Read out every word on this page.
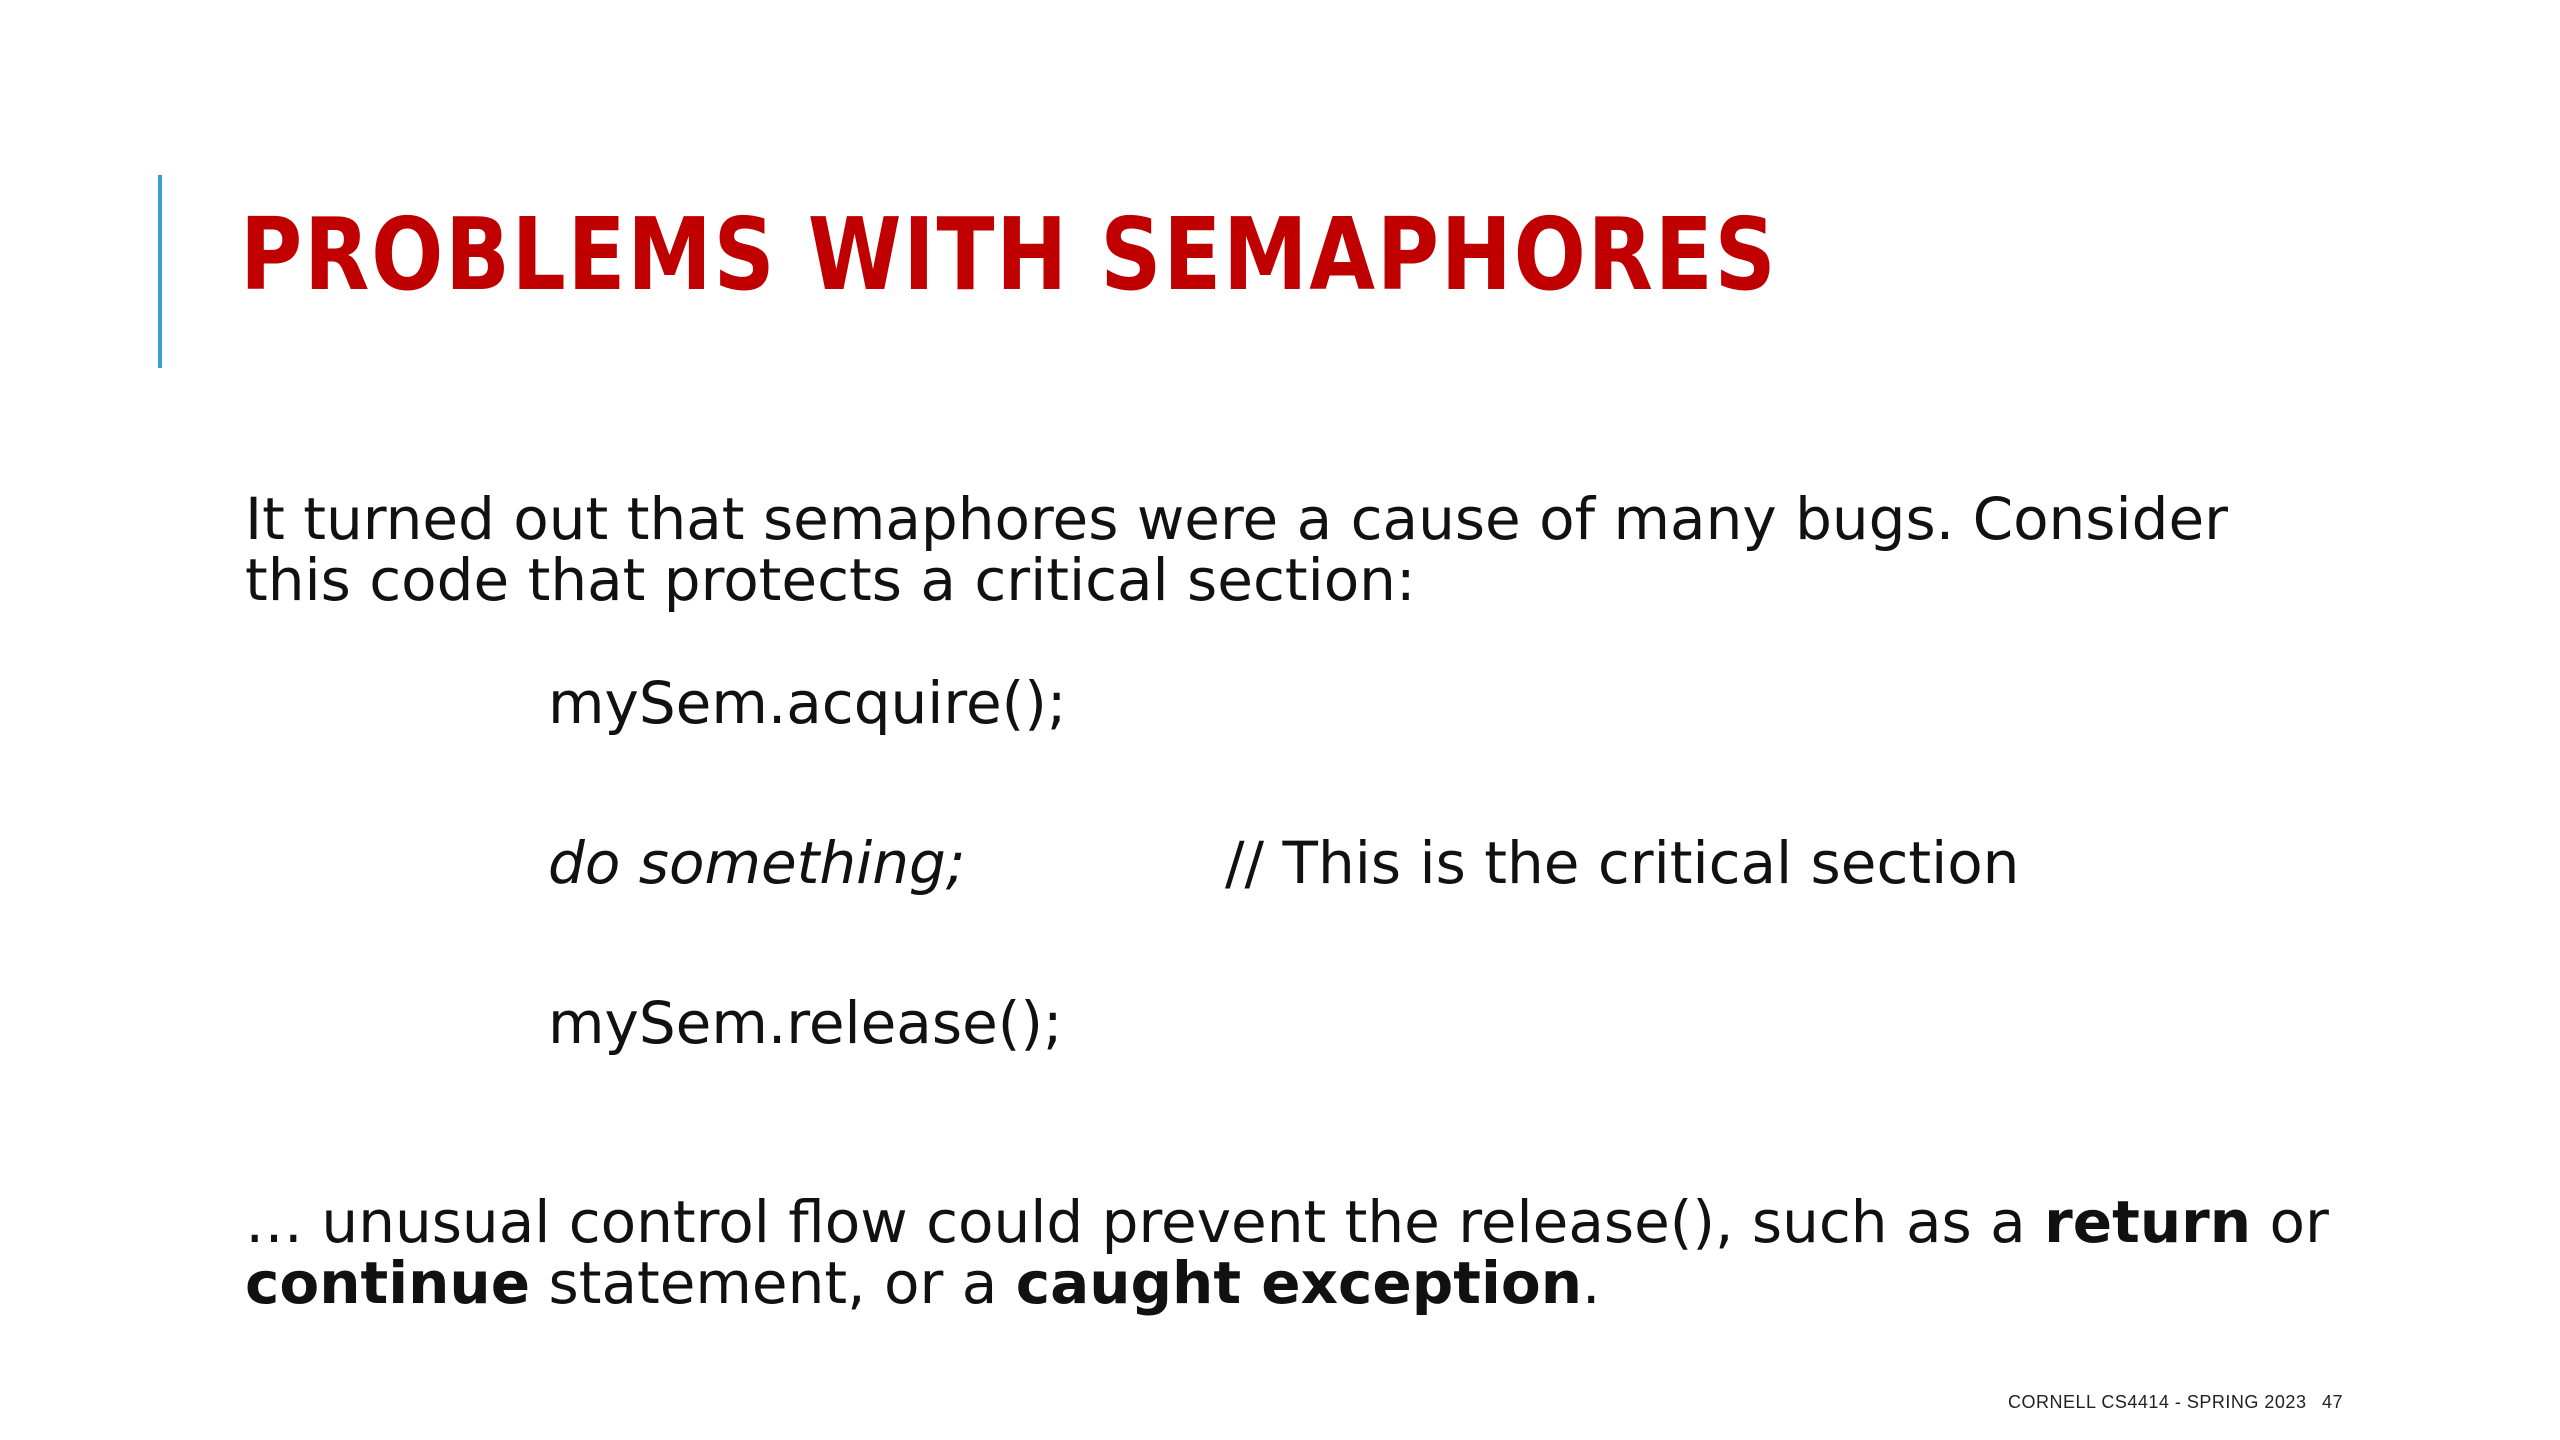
PROBLEMS WITH SEMAPHORES

It turned out that semaphores were a cause of many bugs. Consider this code that protects a critical section:

mySem.acquire();
do something;	// This is the critical section
mySem.release();

… unusual control flow could prevent the release(), such as a return or continue statement, or a caught exception.

CORNELL CS4414 - SPRING 2023 47
